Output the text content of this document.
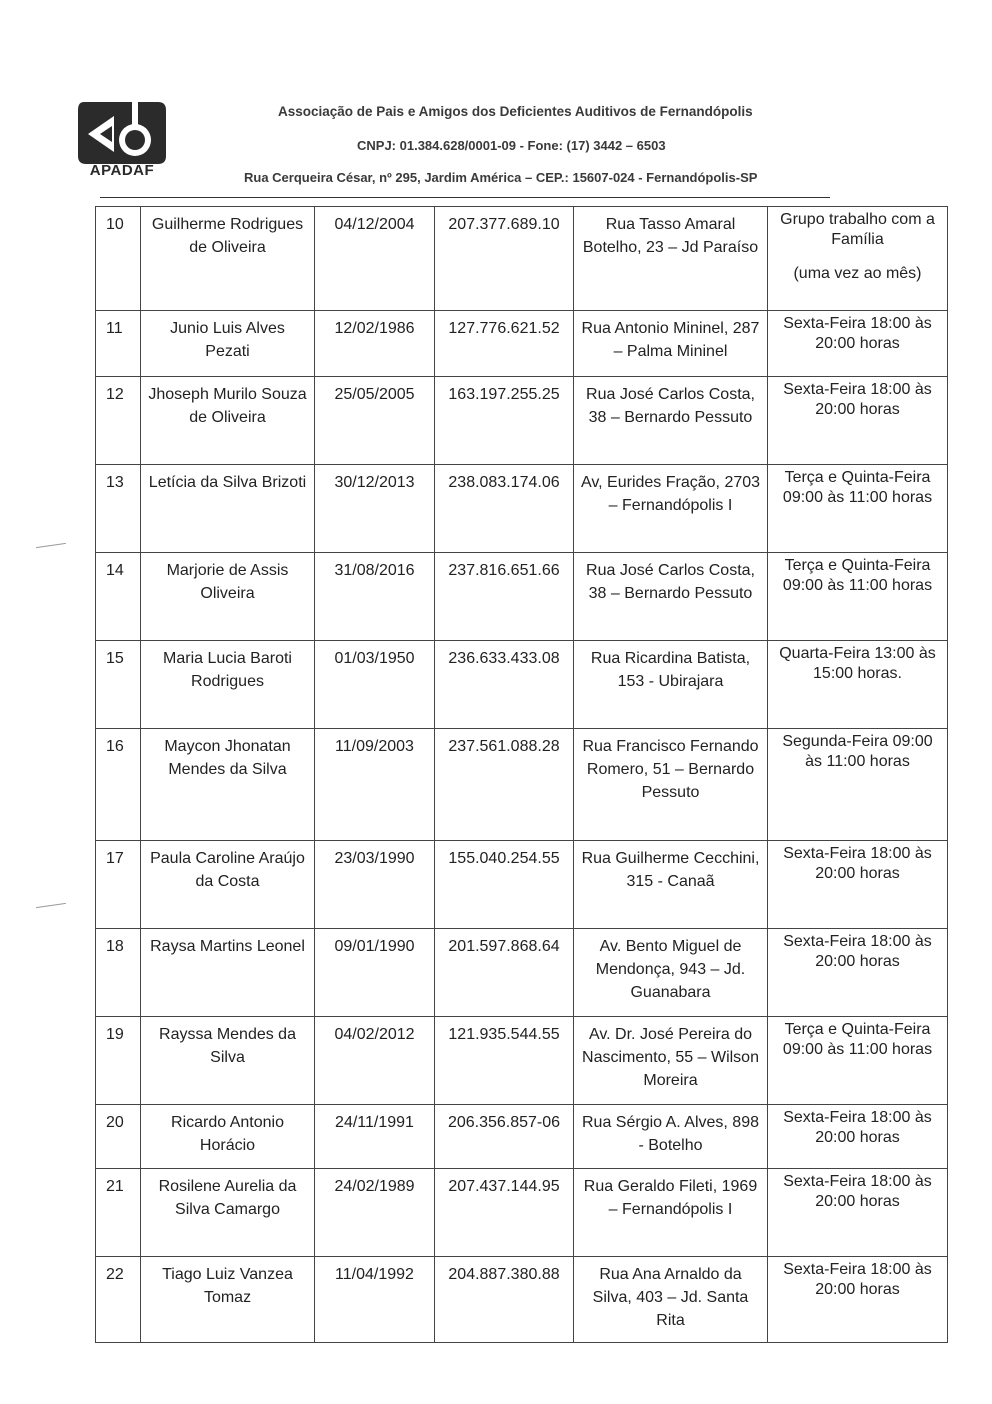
APADAF
Associação de Pais e Amigos dos Deficientes Auditivos de Fernandópolis
CNPJ: 01.384.628/0001-09 - Fone: (17) 3442 – 6503
Rua Cerqueira César, nº 295, Jardim América – CEP.: 15607-024 - Fernandópolis-SP
10	Guilherme Rodrigues de Oliveira	04/12/2004	207.377.689.10	Rua Tasso Amaral Botelho, 23 – Jd Paraíso	Grupo trabalho com a Família
(uma vez ao mês)

11	Junio Luis Alves Pezati	12/02/1986	127.776.621.52	Rua Antonio Mininel, 287 – Palma Mininel	Sexta-Feira 18:00 às 20:00 horas
12	Jhoseph Murilo Souza de Oliveira	25/05/2005	163.197.255.25	Rua José Carlos Costa, 38 – Bernardo Pessuto	Sexta-Feira 18:00 às 20:00 horas
13	Letícia da Silva Brizoti	30/12/2013	238.083.174.06	Av, Eurides Fração, 2703 – Fernandópolis I	Terça e Quinta-Feira 09:00 às 11:00 horas
14	Marjorie de Assis Oliveira	31/08/2016	237.816.651.66	Rua José Carlos Costa, 38 – Bernardo Pessuto	Terça e Quinta-Feira 09:00 às 11:00 horas
15	Maria Lucia Baroti Rodrigues	01/03/1950	236.633.433.08	Rua Ricardina Batista, 153 - Ubirajara	Quarta-Feira 13:00 às 15:00 horas.
16	Maycon Jhonatan Mendes da Silva	11/09/2003	237.561.088.28	Rua Francisco Fernando Romero, 51 – Bernardo Pessuto	Segunda-Feira 09:00 às 11:00 horas
17	Paula Caroline Araújo da Costa	23/03/1990	155.040.254.55	Rua Guilherme Cecchini, 315 - Canaã	Sexta-Feira 18:00 às 20:00 horas
18	Raysa Martins Leonel	09/01/1990	201.597.868.64	Av. Bento Miguel de Mendonça, 943 – Jd. Guanabara	Sexta-Feira 18:00 às 20:00 horas
19	Rayssa Mendes da Silva	04/02/2012	121.935.544.55	Av. Dr. José Pereira do Nascimento, 55 – Wilson Moreira	Terça e Quinta-Feira 09:00 às 11:00 horas
20	Ricardo Antonio Horácio	24/11/1991	206.356.857-06	Rua Sérgio A. Alves, 898 - Botelho	Sexta-Feira 18:00 às 20:00 horas
21	Rosilene Aurelia da Silva Camargo	24/02/1989	207.437.144.95	Rua Geraldo Fileti, 1969 – Fernandópolis I	Sexta-Feira 18:00 às 20:00 horas
22	Tiago Luiz Vanzea Tomaz	11/04/1992	204.887.380.88	Rua Ana Arnaldo da Silva, 403 – Jd. Santa Rita	Sexta-Feira 18:00 às 20:00 horas
